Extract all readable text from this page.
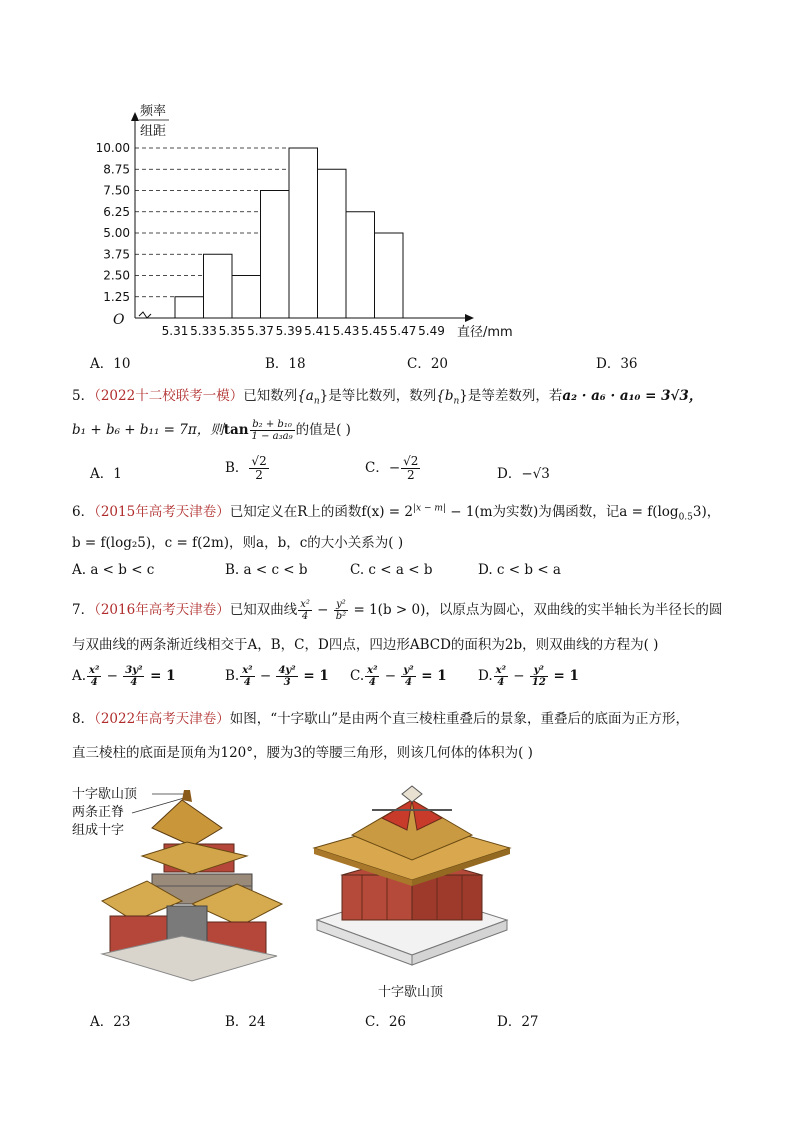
1.25
2.50
3.75
5.00
6.25
7.50
8.75
10.00
5.31 5.33 5.35 5.37 5.39 5.41 5.43 5.45 5.47 5.49 直径/mm
O
频率
组距
A．10	B．18	C．20	D．36
5．（2022十二校联考一模）已知数列$\{a_n\}$是等比数列，数列$\{b_n\}$是等差数列，若a₂ · a₆ · a₁₀ = 3√3，
b₁ + b₆ + b₁₁ = 7π，则$\tan \frac{\text{b₂ + b₁₀}}{\text{1 − a₃a₉}}$ 的值是( )
A．1	B． $\frac{√2}{2}$	C．− $\frac{√2}{2}$	D．−√3
6．（2015年高考天津卷）已知定义在R上的函数$f(x) = 2^{|x - m|} - 1(m$为实数)为偶函数，记$a = f(\log_{0.5}3)$，
b = f(log₂5)，c = f(2m)，则a，b，c的大小关系为( )
A. a < b < c	B. a < c < b	C. c < a < b	D. c < b < a
7．（2016年高考天津卷）已知双曲线 $\frac{\text{x²}}{4} - \frac{\text{y²}}{\text{b²}} = 1(b > 0)$，以原点为圆心，双曲线的实半轴长为半径长的圆
与双曲线的两条渐近线相交于A，B，C，D四点，四边形ABCD的面积为2b，则双曲线的方程为( )
A. $\frac{\text{x²}}{4} - \frac{\text{3y²}}{4} = 1$	B. $\frac{\text{x²}}{4} - \frac{\text{4y²}}{3} = 1$ C. $\frac{\text{x²}}{4} - \frac{\text{y²}}{4} = 1$ D. $\frac{\text{x²}}{4} - \frac{\text{y²}}{12} = 1$
8．（2022年高考天津卷）如图，“十字歇山”是由两个直三棱柱重叠后的景象，重叠后的底面为正方形，
直三棱柱的底面是顶角为120°，腰为3的等腰三角形，则该几何体的体积为( )
十字歇山顶
两条正脊
组成十字
十字歇山顶
A．23	B．24	C．26	D．27
